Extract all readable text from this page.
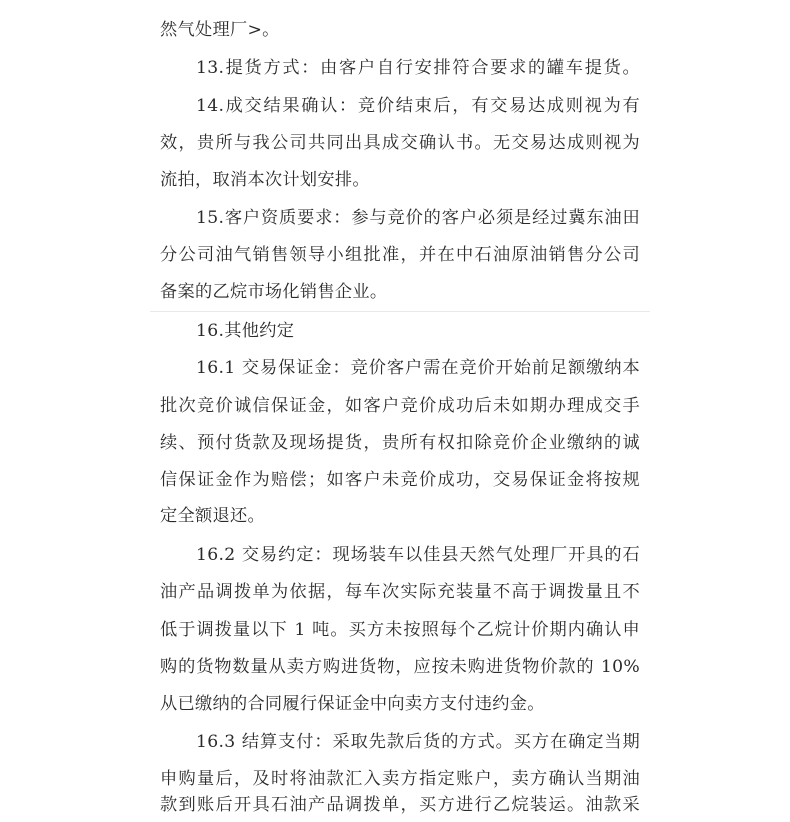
然气处理厂>。
13.提货方式：由客户自行安排符合要求的罐车提货。
14.成交结果确认：竞价结束后，有交易达成则视为有
效，贵所与我公司共同出具成交确认书。无交易达成则视为
流拍，取消本次计划安排。
15.客户资质要求：参与竞价的客户必须是经过冀东油田
分公司油气销售领导小组批准，并在中石油原油销售分公司
备案的乙烷市场化销售企业。
16.其他约定
16.1 交易保证金：竞价客户需在竞价开始前足额缴纳本
批次竞价诚信保证金，如客户竞价成功后未如期办理成交手
续、预付货款及现场提货，贵所有权扣除竞价企业缴纳的诚
信保证金作为赔偿；如客户未竞价成功，交易保证金将按规
定全额退还。
16.2 交易约定：现场装车以佳县天然气处理厂开具的石
油产品调拨单为依据，每车次实际充装量不高于调拨量且不
低于调拨量以下 1 吨。买方未按照每个乙烷计价期内确认申
购的货物数量从卖方购进货物，应按未购进货物价款的 10%
从已缴纳的合同履行保证金中向卖方支付违约金。
16.3 结算支付：采取先款后货的方式。买方在确定当期
申购量后，及时将油款汇入卖方指定账户，卖方确认当期油
款到账后开具石油产品调拨单，买方进行乙烷装运。油款采
